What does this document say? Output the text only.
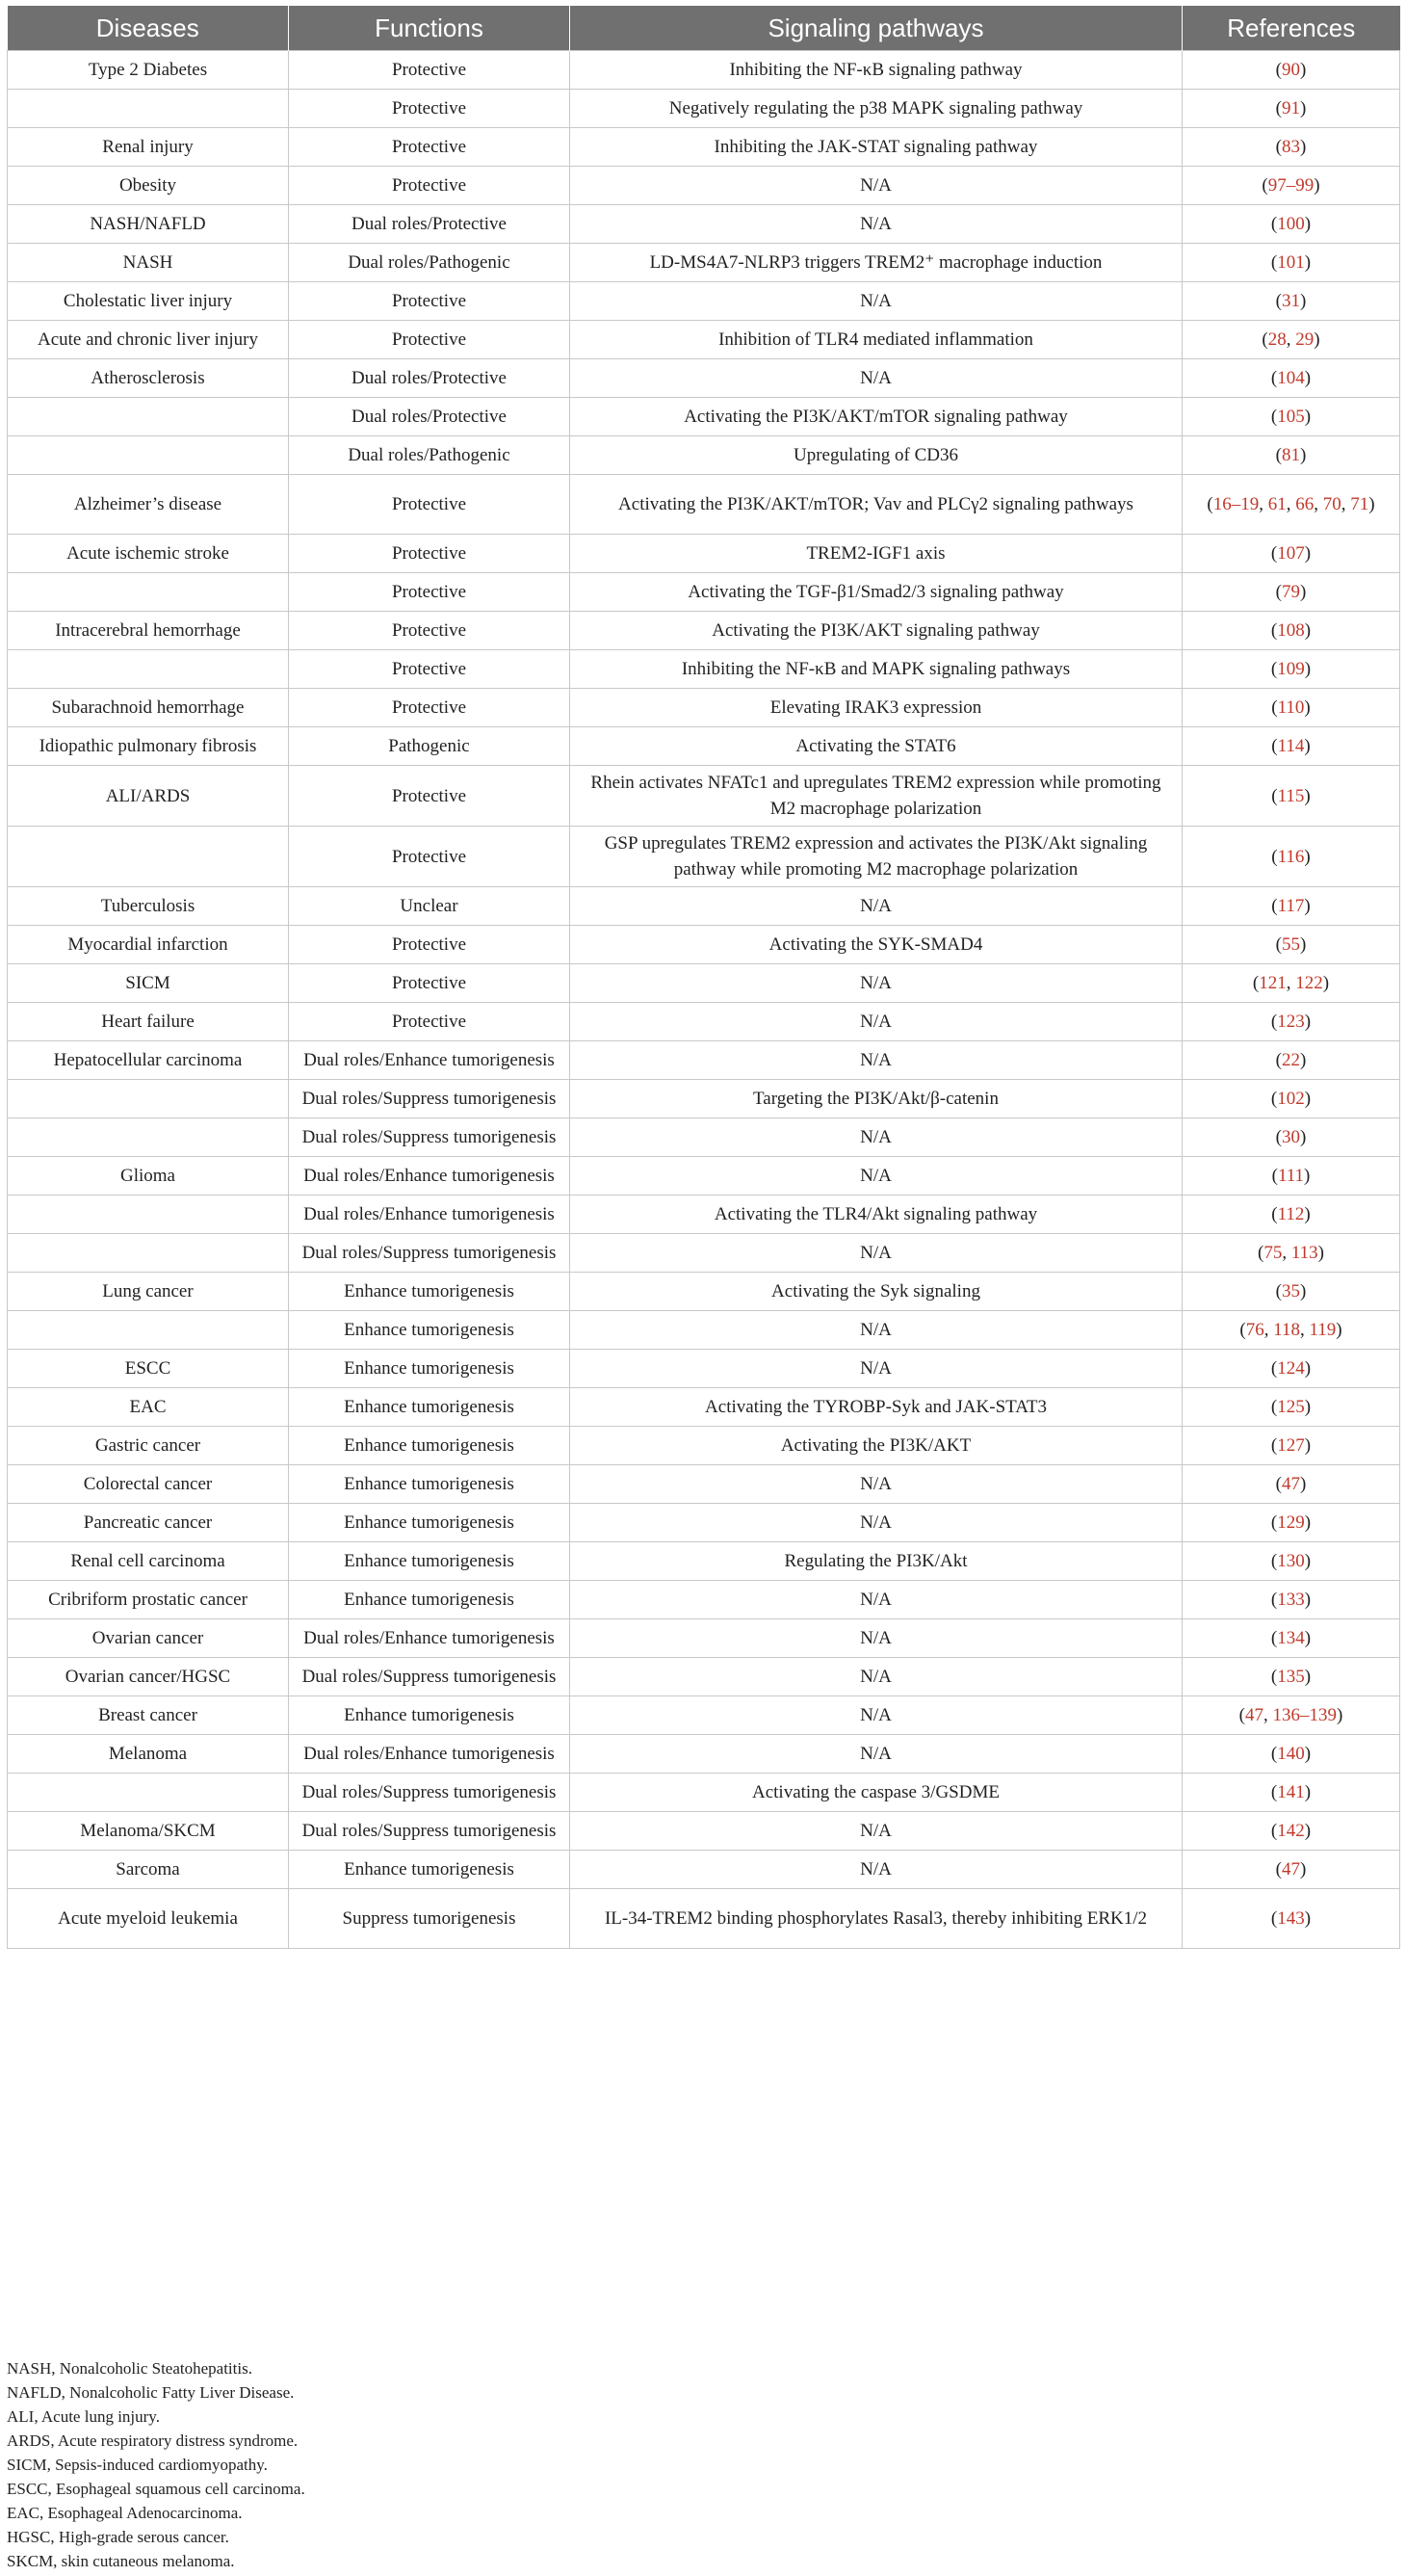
Diseases	Functions	Signaling pathways	References
Type 2 Diabetes	Protective	Inhibiting the NF-κB signaling pathway	(90)
	Protective	Negatively regulating the p38 MAPK signaling pathway	(91)
Renal injury	Protective	Inhibiting the JAK-STAT signaling pathway	(83)
Obesity	Protective	N/A	(97–99)
NASH/NAFLD	Dual roles/Protective	N/A	(100)
NASH	Dual roles/Pathogenic	LD-MS4A7-NLRP3 triggers TREM2⁺ macrophage induction	(101)
Cholestatic liver injury	Protective	N/A	(31)
Acute and chronic liver injury	Protective	Inhibition of TLR4 mediated inflammation	(28, 29)
Atherosclerosis	Dual roles/Protective	N/A	(104)
	Dual roles/Protective	Activating the PI3K/AKT/mTOR signaling pathway	(105)
	Dual roles/Pathogenic	Upregulating of CD36	(81)
Alzheimer’s disease	Protective	Activating the PI3K/AKT/mTOR; Vav and PLCγ2 signaling pathways	(16–19, 61, 66, 70, 71)
Acute ischemic stroke	Protective	TREM2-IGF1 axis	(107)
	Protective	Activating the TGF-β1/Smad2/3 signaling pathway	(79)
Intracerebral hemorrhage	Protective	Activating the PI3K/AKT signaling pathway	(108)
	Protective	Inhibiting the NF-κB and MAPK signaling pathways	(109)
Subarachnoid hemorrhage	Protective	Elevating IRAK3 expression	(110)
Idiopathic pulmonary fibrosis	Pathogenic	Activating the STAT6	(114)
ALI/ARDS	Protective	Rhein activates NFATc1 and upregulates TREM2 expression while promoting M2 macrophage polarization	(115)
	Protective	GSP upregulates TREM2 expression and activates the PI3K/Akt signaling pathway while promoting M2 macrophage polarization	(116)
Tuberculosis	Unclear	N/A	(117)
Myocardial infarction	Protective	Activating the SYK-SMAD4	(55)
SICM	Protective	N/A	(121, 122)
Heart failure	Protective	N/A	(123)
Hepatocellular carcinoma	Dual roles/Enhance tumorigenesis	N/A	(22)
	Dual roles/Suppress tumorigenesis	Targeting the PI3K/Akt/β-catenin	(102)
	Dual roles/Suppress tumorigenesis	N/A	(30)
Glioma	Dual roles/Enhance tumorigenesis	N/A	(111)
	Dual roles/Enhance tumorigenesis	Activating the TLR4/Akt signaling pathway	(112)
	Dual roles/Suppress tumorigenesis	N/A	(75, 113)
Lung cancer	Enhance tumorigenesis	Activating the Syk signaling	(35)
	Enhance tumorigenesis	N/A	(76, 118, 119)
ESCC	Enhance tumorigenesis	N/A	(124)
EAC	Enhance tumorigenesis	Activating the TYROBP-Syk and JAK-STAT3	(125)
Gastric cancer	Enhance tumorigenesis	Activating the PI3K/AKT	(127)
Colorectal cancer	Enhance tumorigenesis	N/A	(47)
Pancreatic cancer	Enhance tumorigenesis	N/A	(129)
Renal cell carcinoma	Enhance tumorigenesis	Regulating the PI3K/Akt	(130)
Cribriform prostatic cancer	Enhance tumorigenesis	N/A	(133)
Ovarian cancer	Dual roles/Enhance tumorigenesis	N/A	(134)
Ovarian cancer/HGSC	Dual roles/Suppress tumorigenesis	N/A	(135)
Breast cancer	Enhance tumorigenesis	N/A	(47, 136–139)
Melanoma	Dual roles/Enhance tumorigenesis	N/A	(140)
	Dual roles/Suppress tumorigenesis	Activating the caspase 3/GSDME	(141)
Melanoma/SKCM	Dual roles/Suppress tumorigenesis	N/A	(142)
Sarcoma	Enhance tumorigenesis	N/A	(47)
Acute myeloid leukemia	Suppress tumorigenesis	IL-34-TREM2 binding phosphorylates Rasal3, thereby inhibiting ERK1/2	(143)
NASH, Nonalcoholic Steatohepatitis.
NAFLD, Nonalcoholic Fatty Liver Disease.
ALI, Acute lung injury.
ARDS, Acute respiratory distress syndrome.
SICM, Sepsis-induced cardiomyopathy.
ESCC, Esophageal squamous cell carcinoma.
EAC, Esophageal Adenocarcinoma.
HGSC, High-grade serous cancer.
SKCM, skin cutaneous melanoma.
